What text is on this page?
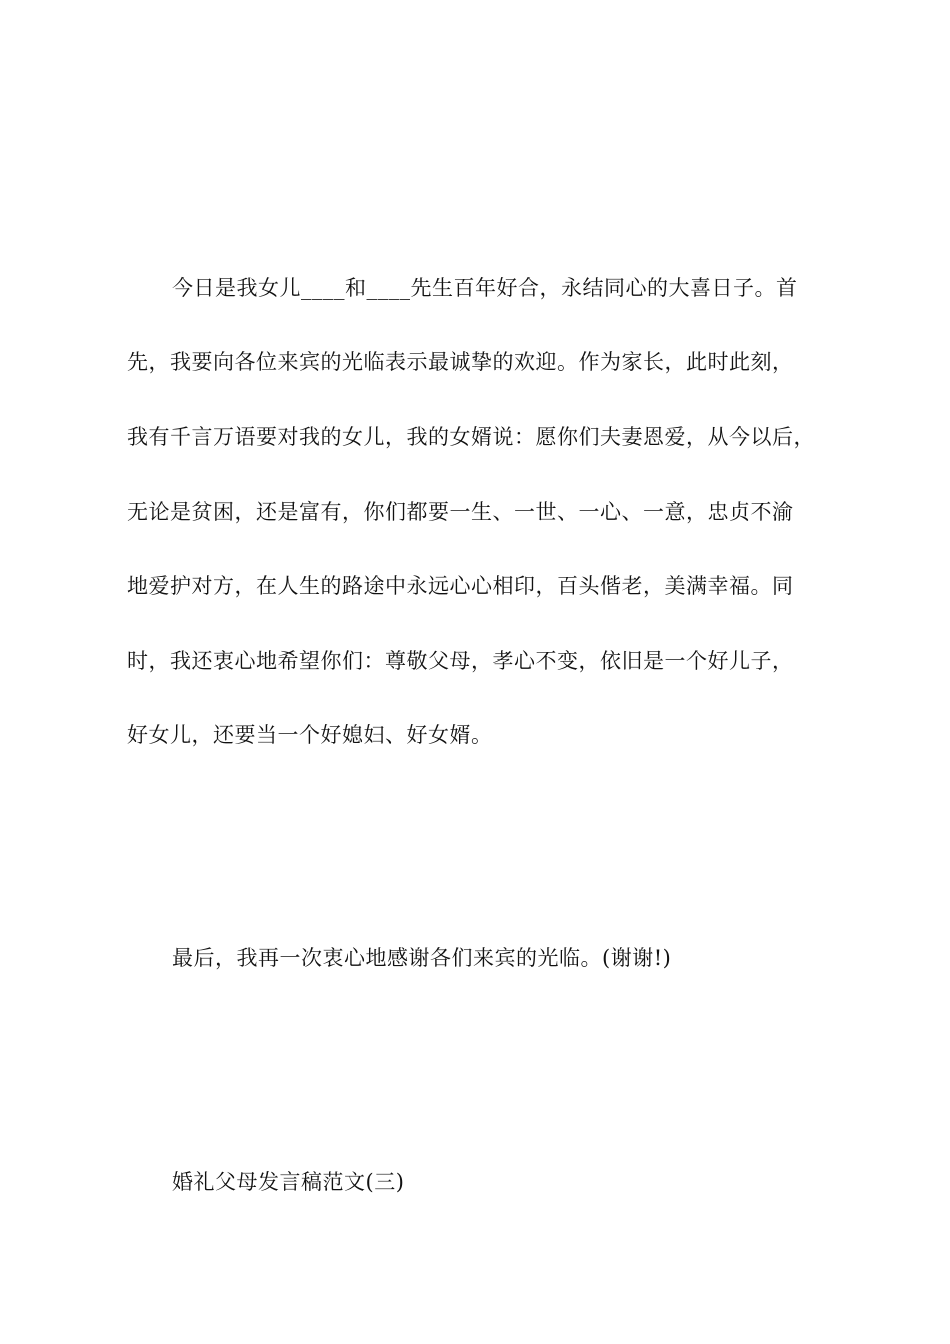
今日是我女儿____和____先生百年好合，永结同心的大喜日子。首
先，我要向各位来宾的光临表示最诚挚的欢迎。作为家长，此时此刻，
我有千言万语要对我的女儿，我的女婿说：愿你们夫妻恩爱，从今以后，
无论是贫困，还是富有，你们都要一生、一世、一心、一意，忠贞不渝
地爱护对方，在人生的路途中永远心心相印，百头偕老，美满幸福。同
时，我还衷心地希望你们：尊敬父母，孝心不变，依旧是一个好儿子，
好女儿，还要当一个好媳妇、好女婿。
最后，我再一次衷心地感谢各们来宾的光临。(谢谢!)
婚礼父母发言稿范文(三)
